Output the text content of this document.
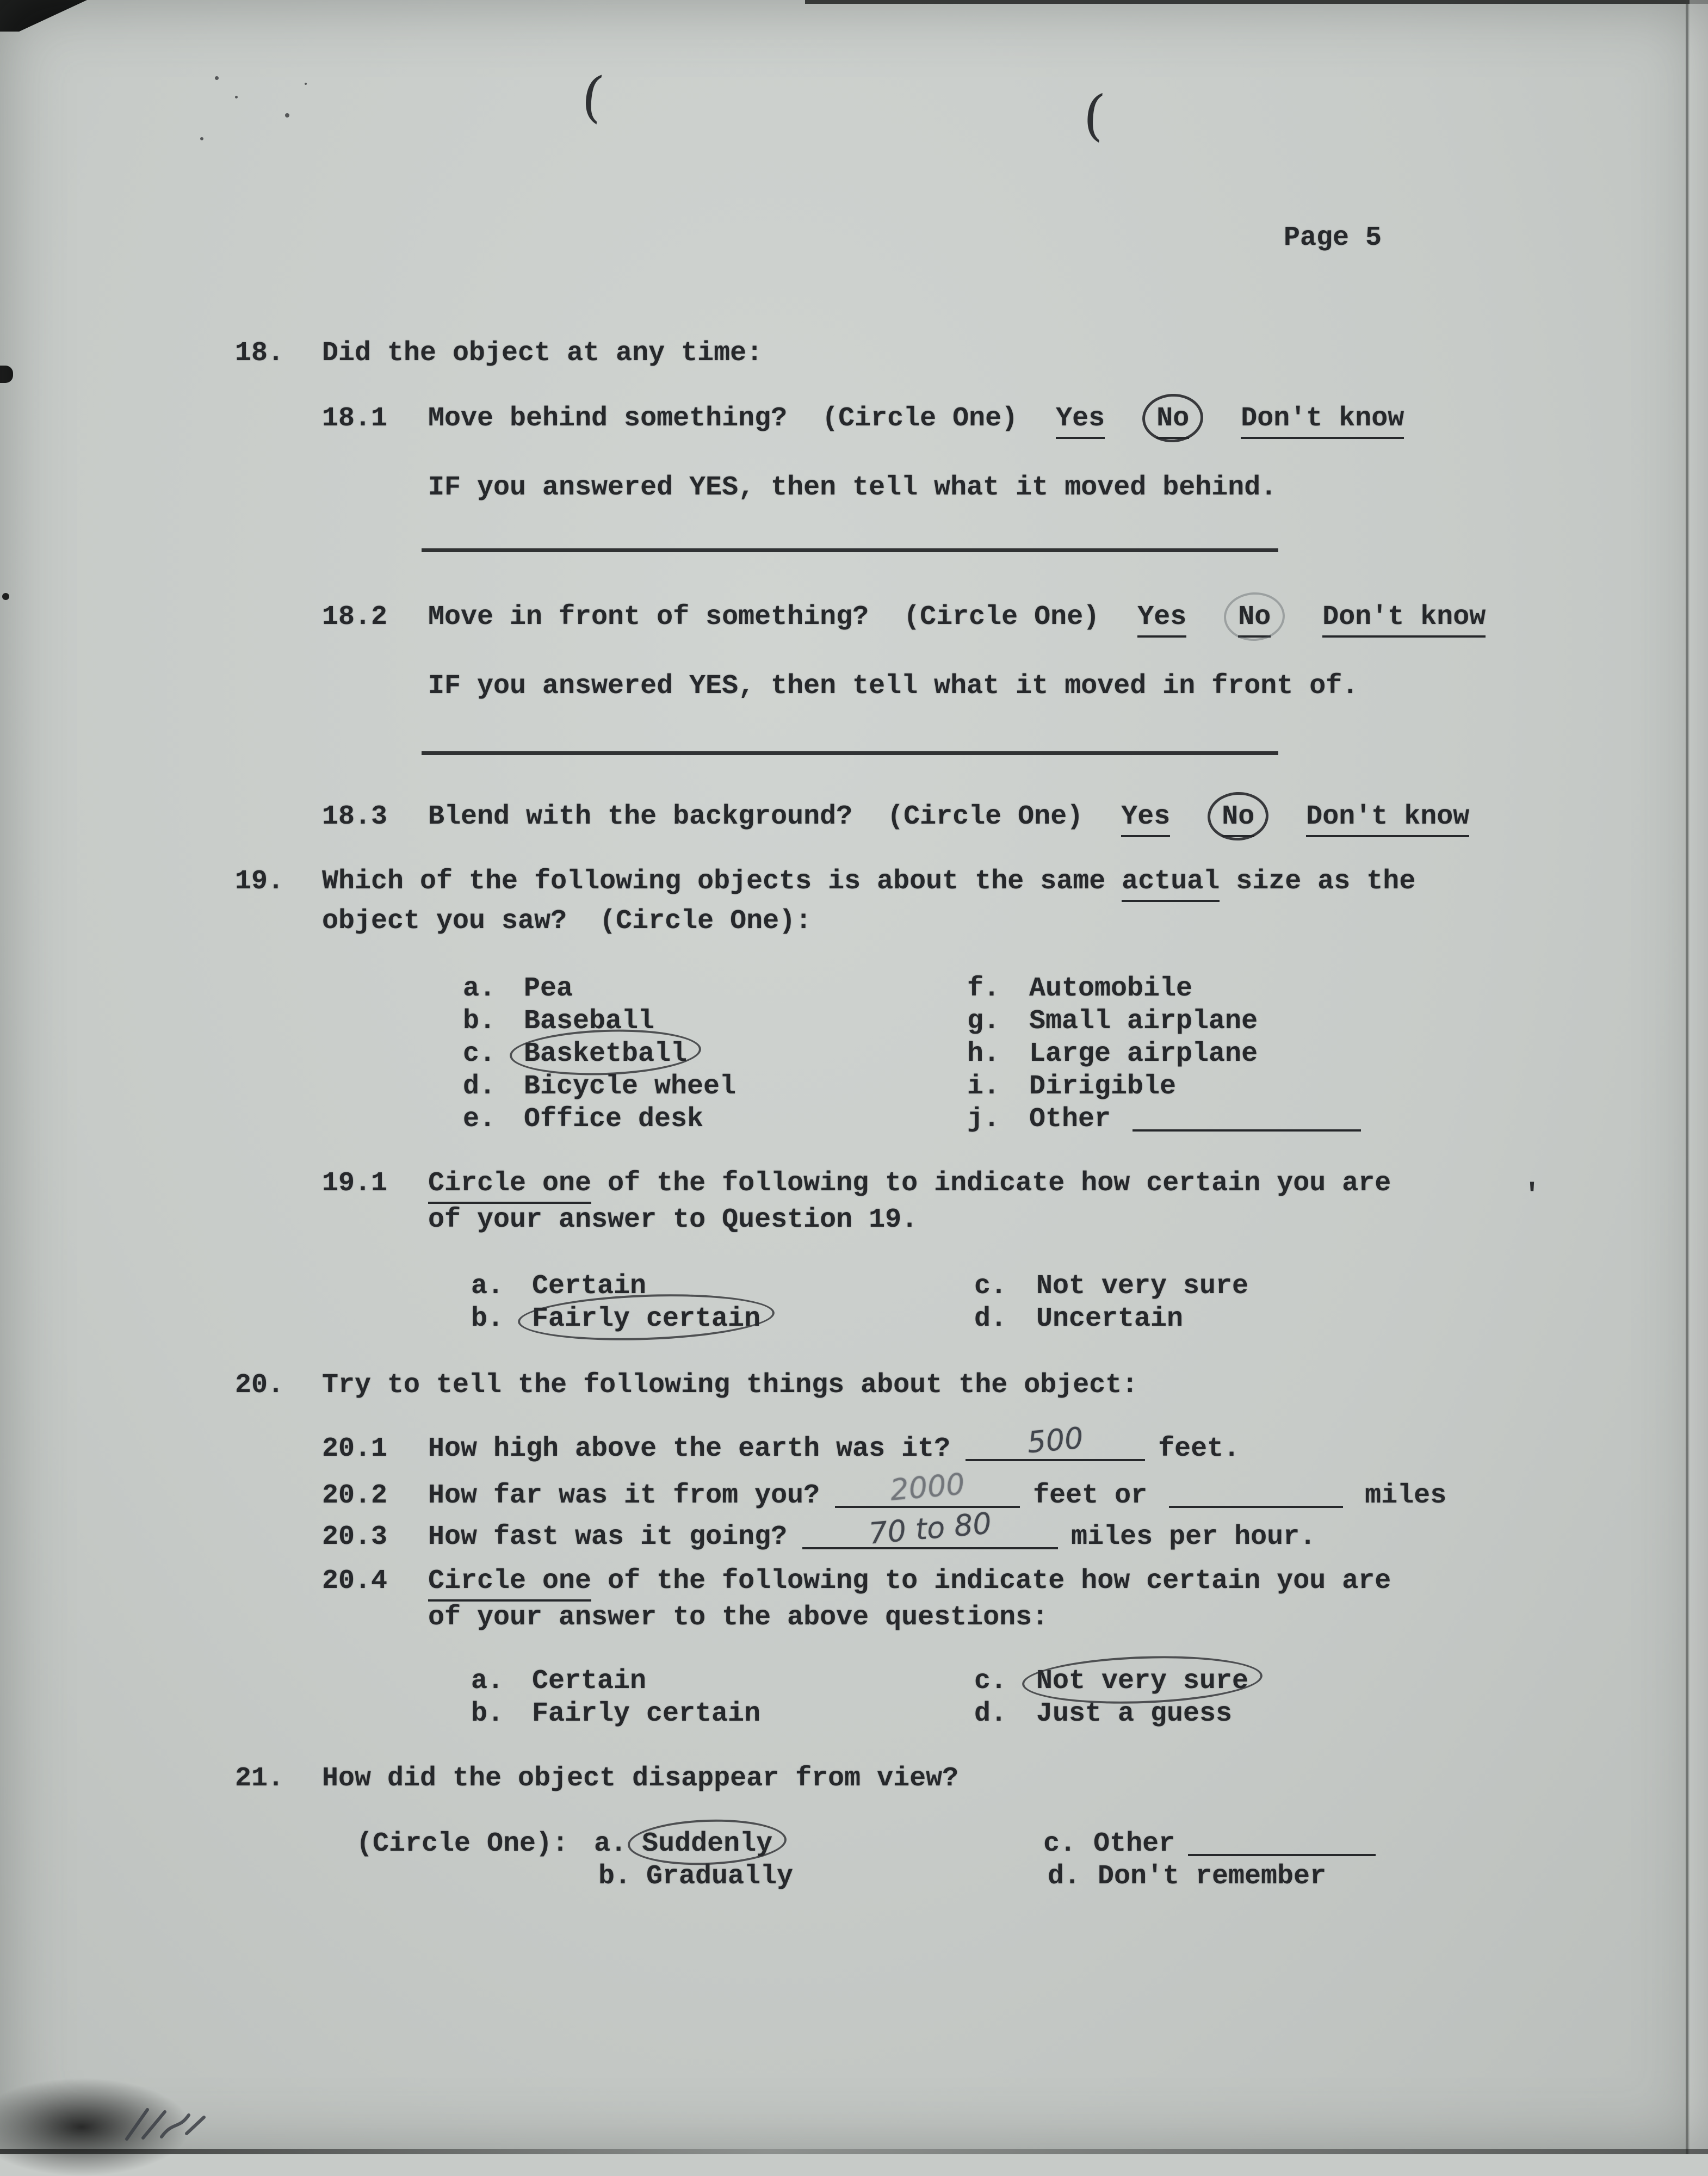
Page 5
18.	Did the object at any time:
18.1	Move behind something? (Circle One) Yes No Don't know
IF you answered YES, then tell what it moved behind.
18.2	Move in front of something? (Circle One) Yes No Don't know
IF you answered YES, then tell what it moved in front of.
18.3	Blend with the background? (Circle One) Yes No Don't know
19.	Which of the following objects is about the same actual size as the
object you saw?  (Circle One):
a.	Pea	f.	Automobile
b.	Baseball	g.	Small airplane
c.	Basketball	h.	Large airplane
d.	Bicycle wheel	i.	Dirigible
e.	Office desk	j.	Other
19.1	Circle one of the following to indicate how certain you are
of your answer to Question 19.
a.	Certain	c.	Not very sure
b.	Fairly certain	d.	Uncertain
20.	Try to tell the following things about the object:
20.1	How high above the earth was it?	500	feet.
20.2	How far was it from you? 2000 feet or	miles
20.3	How fast was it going?	70 to 80	miles per hour.
20.4	Circle one of the following to indicate how certain you are
of your answer to the above questions:
a.	Certain	c.	Not very sure
b.	Fairly certain	d.	Just a guess
21.	How did the object disappear from view?
(Circle One): a. Suddenly	c. Other
b. Gradually	d. Don't remember
(	(
'
